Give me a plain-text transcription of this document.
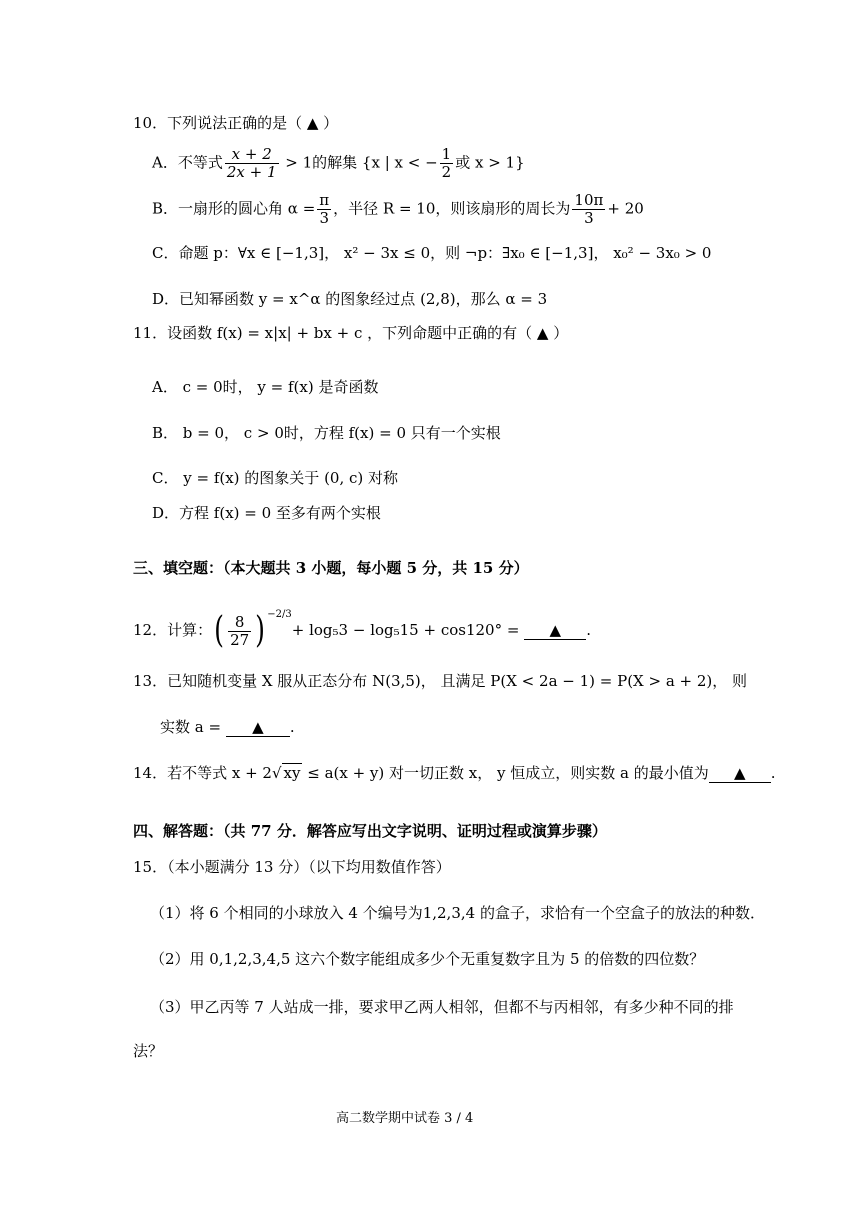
10．下列说法正确的是（ ▲ ）
A．不等式 $\frac{x + 2}{2x + 1} > 1$的解集 {x | x < − $\frac{1}{2}$ 或 x > 1}
B．一扇形的圆心角 $\alpha = \frac{\pi}{3}$ ，半径 R = 10，则该扇形的周长为 $\frac{10\pi}{3} + 20$
C．命题 p：∀x ∈ [−1,3]， x² − 3x ≤ 0，则 ¬p：∃x₀ ∈ [−1,3]， x₀² − 3x₀ > 0
D．已知幂函数 y = x^α 的图象经过点 (2,8)，那么 α = 3
11．设函数 f(x) = x|x| + bx + c ，下列命题中正确的有（ ▲ ）
A． c = 0时， y = f(x) 是奇函数
B． b = 0， c > 0时，方程 f(x) = 0 只有一个实根
C． y = f(x) 的图象关于 (0, c) 对称
D．方程 f(x) = 0 至多有两个实根
三、填空题：（本大题共 3 小题，每小题 5 分，共 15 分）
12．计算：( $\frac{8}{27}$ ) $^{-2/3}$+ log₅3 − log₅15 + cos120° = ▲ .
13．已知随机变量 X 服从正态分布 N(3,5)， 且满足 P(X < 2a − 1) = P(X > a + 2)， 则
实数 a = ▲ .
14．若不等式 x + 2√ xy ≤ a(x + y) 对一切正数 x， y 恒成立，则实数 a 的最小值为 ▲ .
四、解答题：（共 77 分．解答应写出文字说明、证明过程或演算步骤）
15．（本小题满分 13 分）（以下均用数值作答）
（1）将 6 个相同的小球放入 4 个编号为1,2,3,4 的盒子，求恰有一个空盒子的放法的种数．
（2）用 0,1,2,3,4,5 这六个数字能组成多少个无重复数字且为 5 的倍数的四位数？
（3）甲乙丙等 7 人站成一排，要求甲乙两人相邻，但都不与丙相邻，有多少种不同的排
法？
高二数学期中试卷 3 / 4
